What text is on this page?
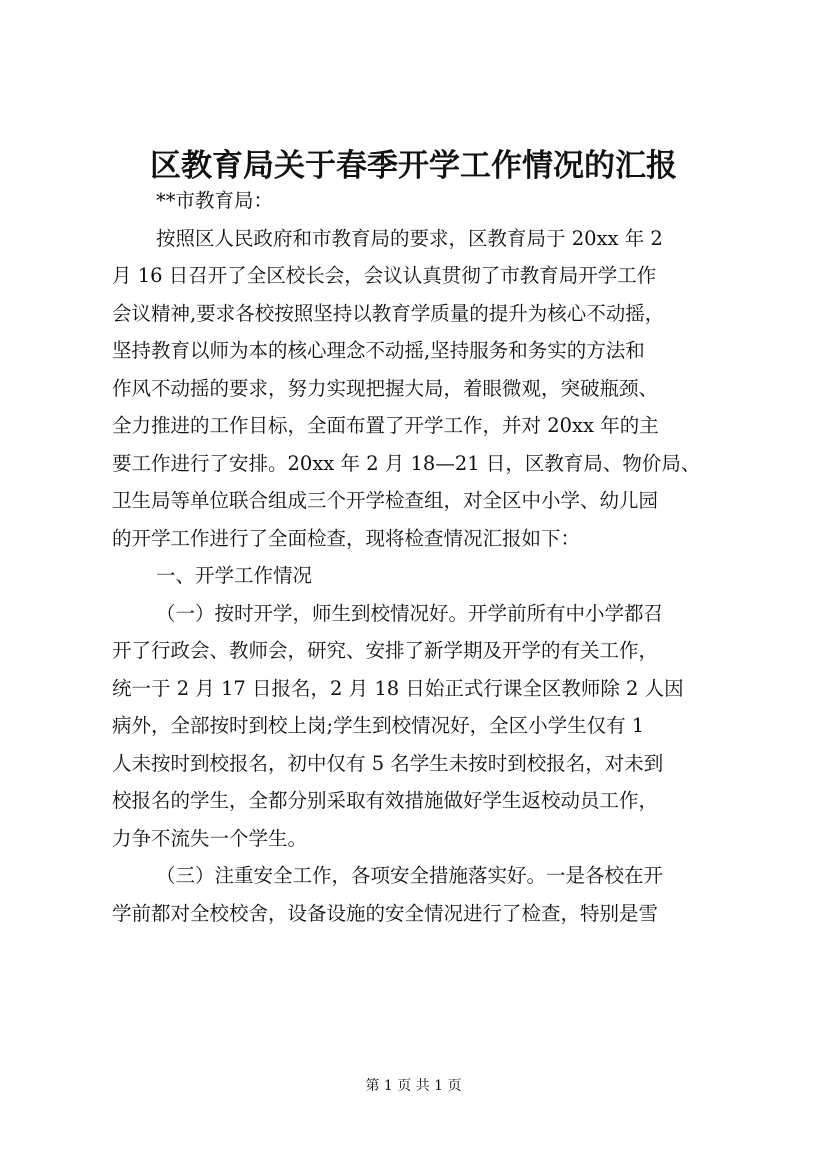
区教育局关于春季开学工作情况的汇报
**市教育局：
按照区人民政府和市教育局的要求，区教育局于 20xx 年 2
月 16 日召开了全区校长会，会议认真贯彻了市教育局开学工作
会议精神,要求各校按照坚持以教育学质量的提升为核心不动摇，
坚持教育以师为本的核心理念不动摇,坚持服务和务实的方法和
作风不动摇的要求，努力实现把握大局，着眼微观，突破瓶颈、
全力推进的工作目标，全面布置了开学工作，并对 20xx 年的主
要工作进行了安排。20xx 年 2 月 18—21 日，区教育局、物价局、
卫生局等单位联合组成三个开学检查组，对全区中小学、幼儿园
的开学工作进行了全面检查，现将检查情况汇报如下：
一、开学工作情况
（一）按时开学，师生到校情况好。开学前所有中小学都召
开了行政会、教师会，研究、安排了新学期及开学的有关工作，
统一于 2 月 17 日报名，2 月 18 日始正式行课全区教师除 2 人因
病外，全部按时到校上岗;学生到校情况好，全区小学生仅有 1
人未按时到校报名，初中仅有 5 名学生未按时到校报名，对未到
校报名的学生，全都分别采取有效措施做好学生返校动员工作，
力争不流失一个学生。
（三）注重安全工作，各项安全措施落实好。一是各校在开
学前都对全校校舍，设备设施的安全情况进行了检查，特别是雪
第 1 页 共 1 页
